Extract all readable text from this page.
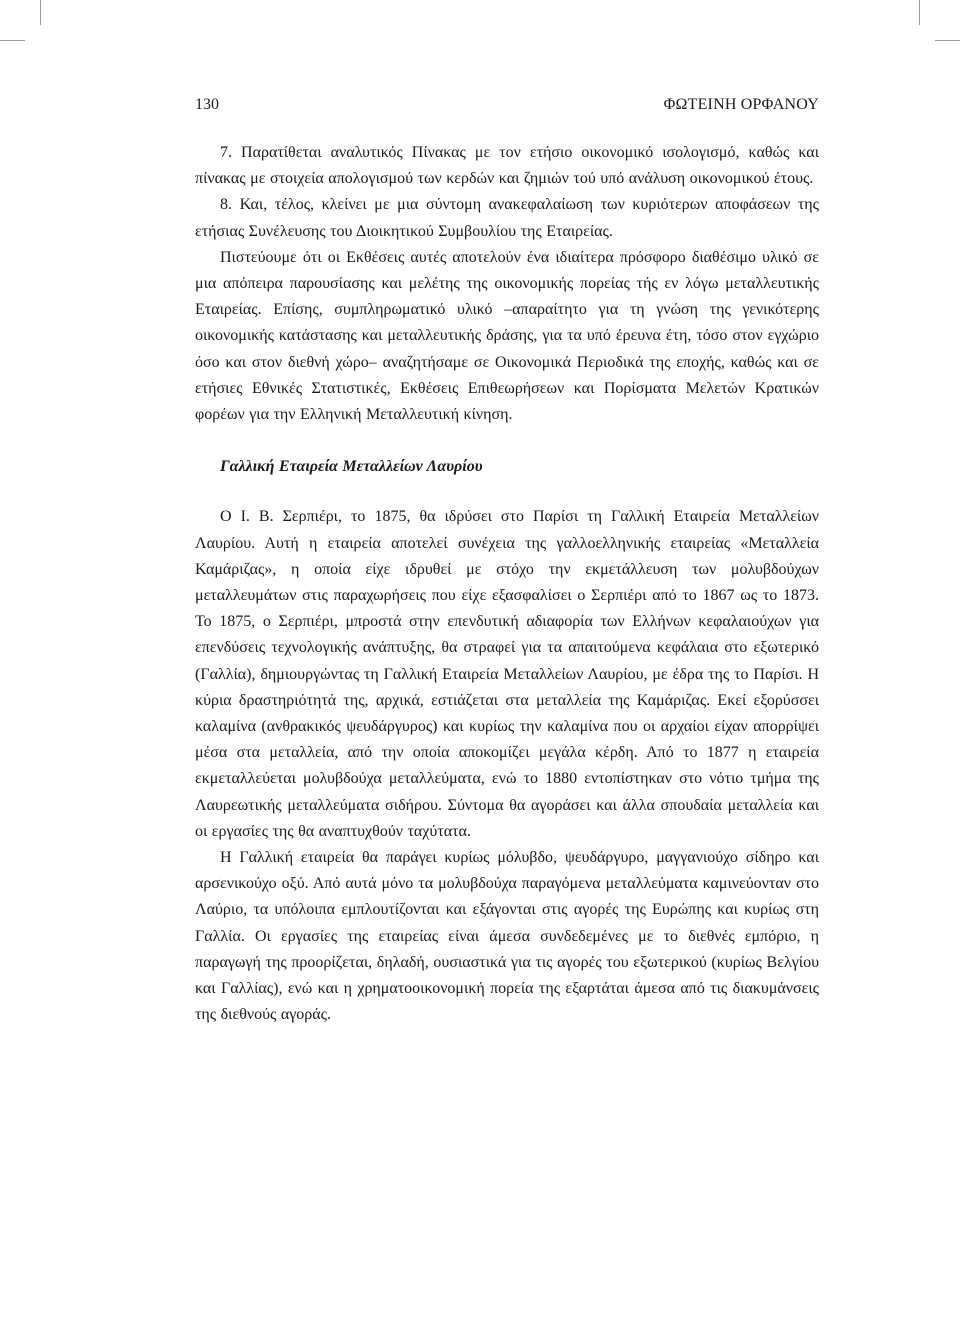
130	ΦΩΤΕΙΝΗ ΟΡΦΑΝΟΥ

7. Παρατίθεται αναλυτικός Πίνακας με τον ετήσιο οικονομικό ισολογισμό, καθώς και πίνακας με στοιχεία απολογισμού των κερδών και ζημιών τού υπό ανάλυση οικονομικού έτους.

8. Και, τέλος, κλείνει με μια σύντομη ανακεφαλαίωση των κυριότερων αποφάσεων της ετήσιας Συνέλευσης του Διοικητικού Συμβουλίου της Εταιρείας.

Πιστεύουμε ότι οι Εκθέσεις αυτές αποτελούν ένα ιδιαίτερα πρόσφορο διαθέσιμο υλικό σε μια απόπειρα παρουσίασης και μελέτης της οικονομικής πορείας τής εν λόγω μεταλλευτικής Εταιρείας. Επίσης, συμπληρωματικό υλικό –απαραίτητο για τη γνώση της γενικότερης οικονομικής κατάστασης και μεταλλευτικής δράσης, για τα υπό έρευνα έτη, τόσο στον εγχώριο όσο και στον διεθνή χώρο– αναζητήσαμε σε Οικονομικά Περιοδικά της εποχής, καθώς και σε ετήσιες Εθνικές Στατιστικές, Εκθέσεις Επιθεωρήσεων και Πορίσματα Μελετών Κρατικών φορέων για την Ελληνική Μεταλλευτική κίνηση.

Γαλλική Εταιρεία Μεταλλείων Λαυρίου

Ο Ι. Β. Σερπιέρι, το 1875, θα ιδρύσει στο Παρίσι τη Γαλλική Εταιρεία Μεταλλείων Λαυρίου. Αυτή η εταιρεία αποτελεί συνέχεια της γαλλοελληνικής εταιρείας «Μεταλλεία Καμάριζας», η οποία είχε ιδρυθεί με στόχο την εκμετάλλευση των μολυβδούχων μεταλλευμάτων στις παραχωρήσεις που είχε εξασφαλίσει ο Σερπιέρι από το 1867 ως το 1873. Το 1875, ο Σερπιέρι, μπροστά στην επενδυτική αδιαφορία των Ελλήνων κεφαλαιούχων για επενδύσεις τεχνολογικής ανάπτυξης, θα στραφεί για τα απαιτούμενα κεφάλαια στο εξωτερικό (Γαλλία), δημιουργώντας τη Γαλλική Εταιρεία Μεταλλείων Λαυρίου, με έδρα της το Παρίσι. Η κύρια δραστηριότητά της, αρχικά, εστιάζεται στα μεταλλεία της Καμάριζας. Εκεί εξορύσσει καλαμίνα (ανθρακικός ψευδάργυρος) και κυρίως την καλαμίνα που οι αρχαίοι είχαν απορρίψει μέσα στα μεταλλεία, από την οποία αποκομίζει μεγάλα κέρδη. Από το 1877 η εταιρεία εκμεταλλεύεται μολυβδούχα μεταλλεύματα, ενώ το 1880 εντοπίστηκαν στο νότιο τμήμα της Λαυρεωτικής μεταλλεύματα σιδήρου. Σύντομα θα αγοράσει και άλλα σπουδαία μεταλλεία και οι εργασίες της θα αναπτυχθούν ταχύτατα.

Η Γαλλική εταιρεία θα παράγει κυρίως μόλυβδο, ψευδάργυρο, μαγγανιούχο σίδηρο και αρσενικούχο οξύ. Από αυτά μόνο τα μολυβδούχα παραγόμενα μεταλλεύματα καμινεύονταν στο Λαύριο, τα υπόλοιπα εμπλουτίζονται και εξάγονται στις αγορές της Ευρώπης και κυρίως στη Γαλλία. Οι εργασίες της εταιρείας είναι άμεσα συνδεδεμένες με το διεθνές εμπόριο, η παραγωγή της προορίζεται, δηλαδή, ουσιαστικά για τις αγορές του εξωτερικού (κυρίως Βελγίου και Γαλλίας), ενώ και η χρηματοοικονομική πορεία της εξαρτάται άμεσα από τις διακυμάνσεις της διεθνούς αγοράς.
